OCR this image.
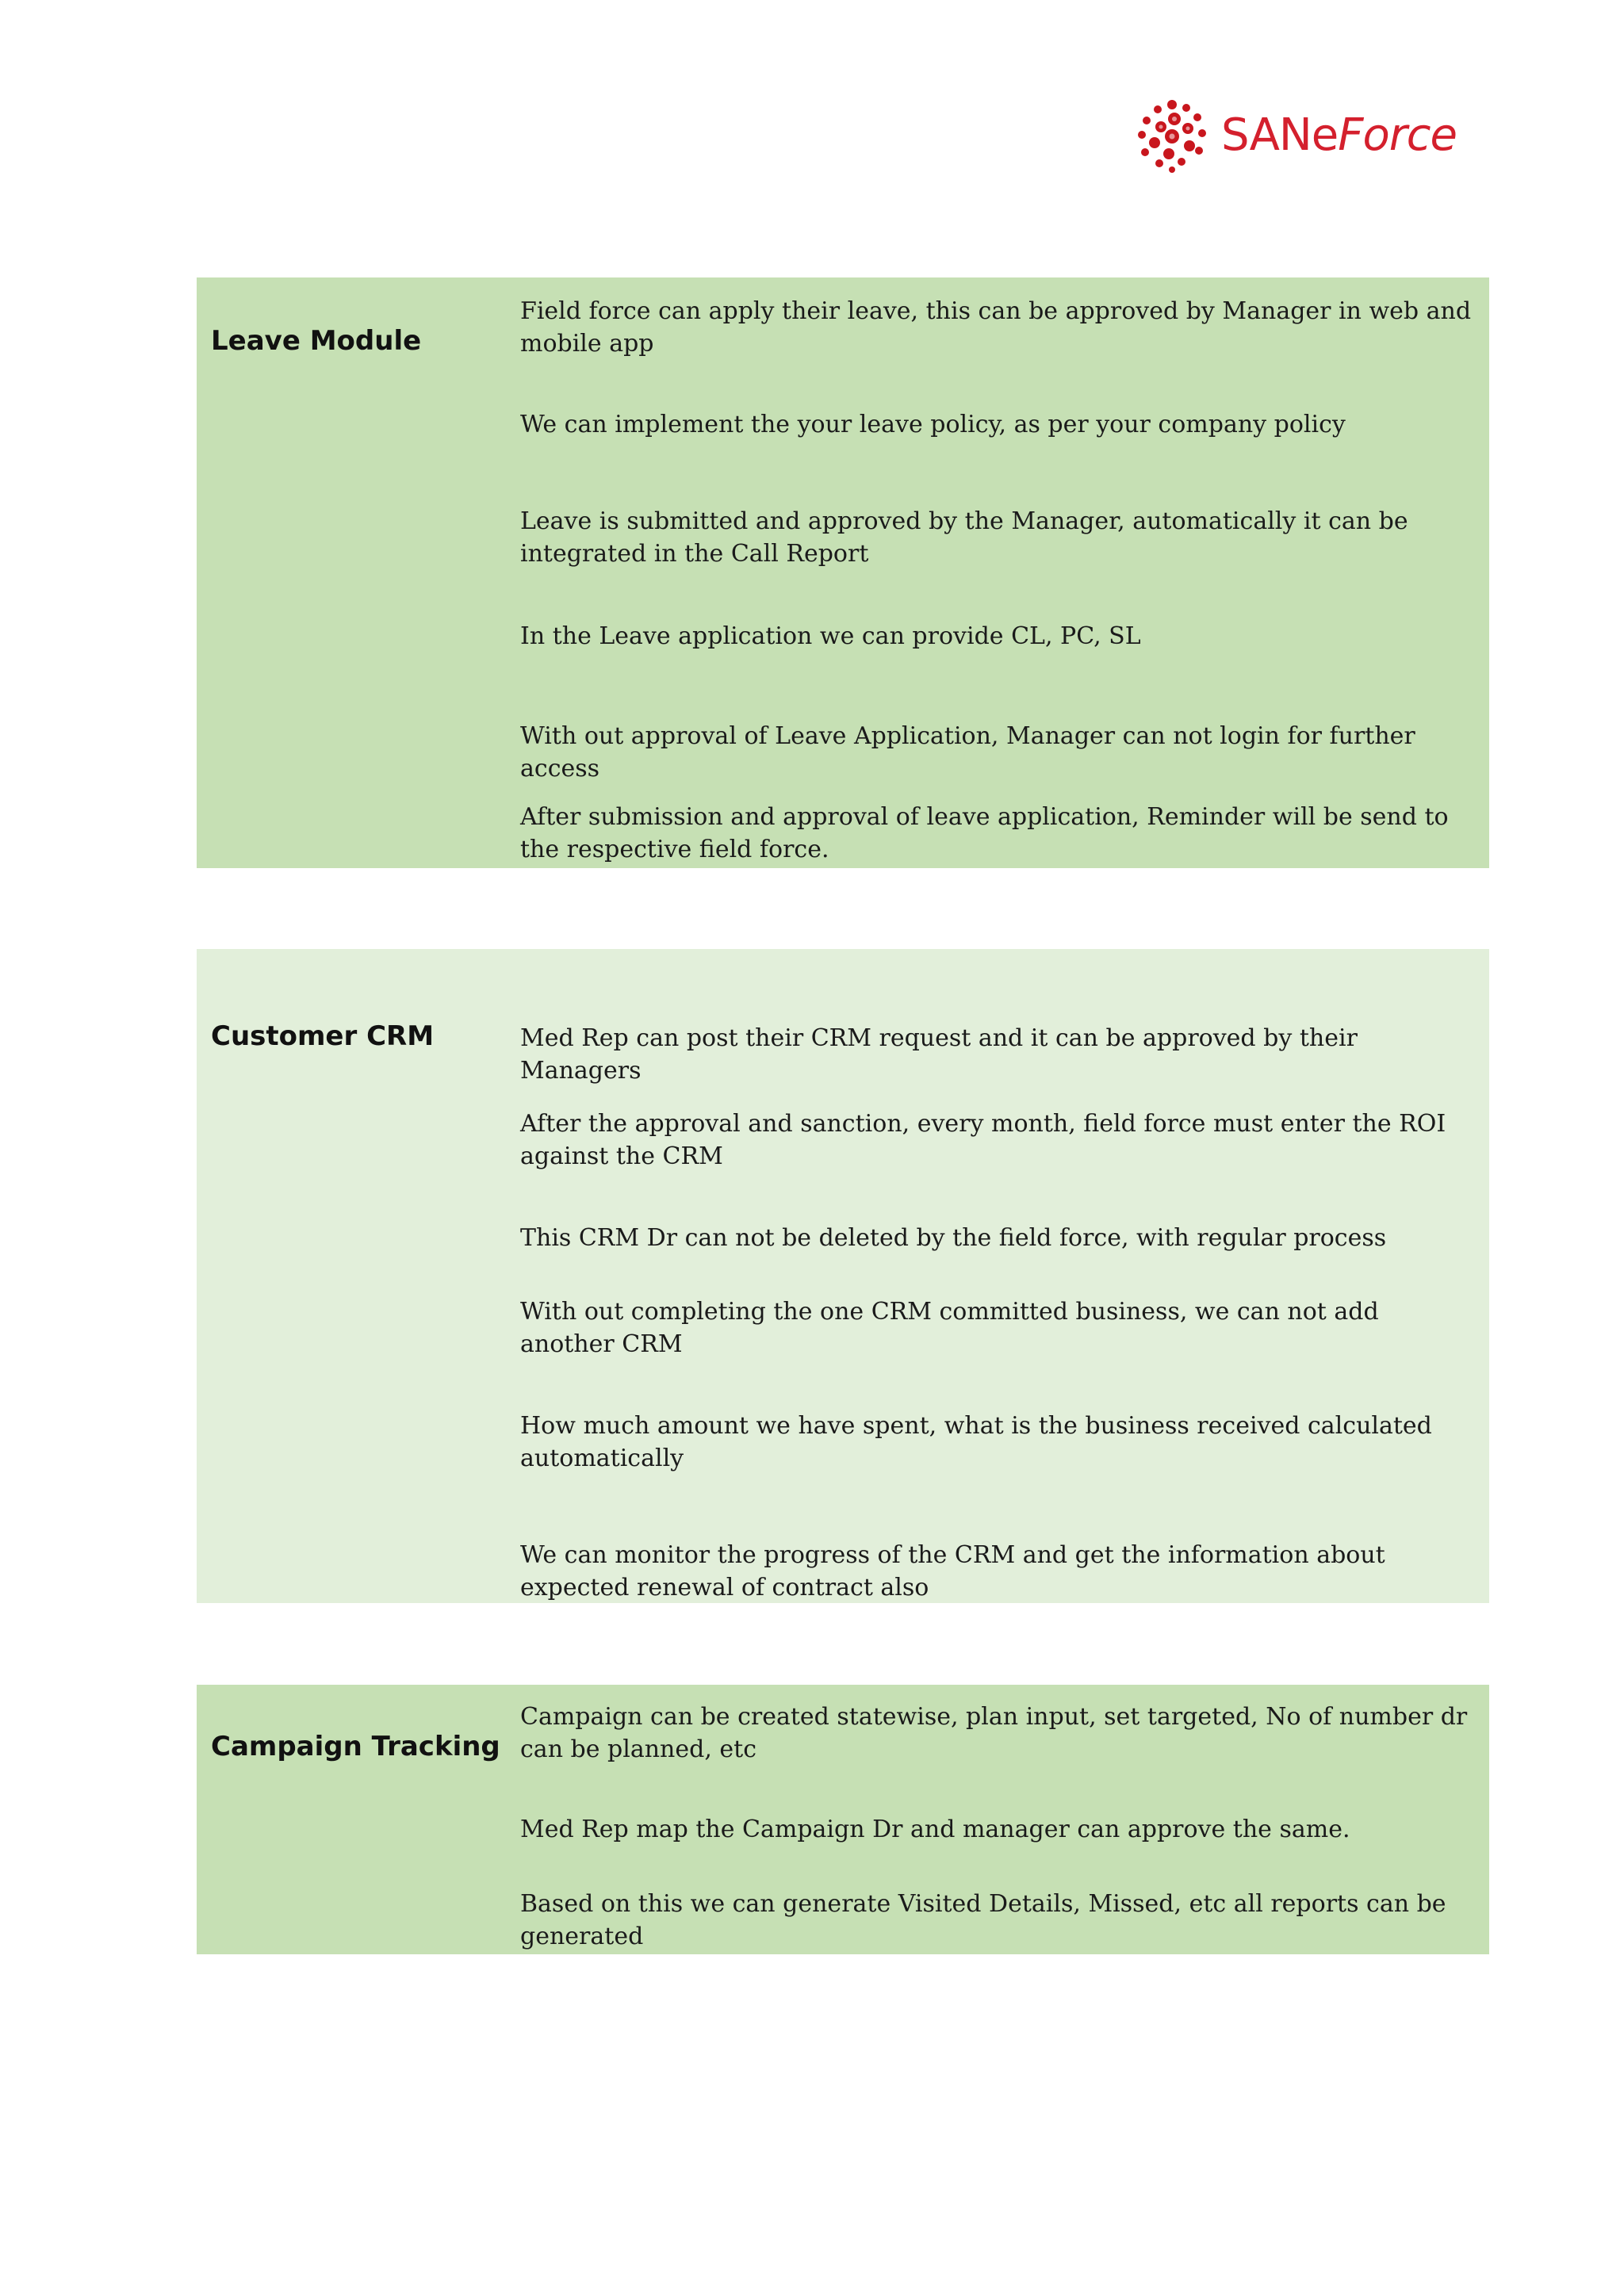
SANeForce
Leave Module
Field force can apply their leave, this can be approved by Manager in web and mobile app
We can implement the your leave policy, as per your company policy
Leave is submitted and approved by the Manager, automatically it can be integrated in the Call Report
In the Leave application we can provide CL, PC, SL
With out approval of Leave Application, Manager can not login for further access
After submission and approval of leave application, Reminder will be send to the respective field force.
Customer CRM	Med Rep can post their CRM request and it can be approved by their Managers
After the approval and sanction, every month, field force must enter the ROI against the CRM
This CRM Dr can not be deleted by the field force, with regular process
With out completing the one CRM committed business, we can not add another CRM
How much amount we have spent, what is the business received calculated automatically
We can monitor the progress of the CRM and get the information about expected renewal of contract also
Campaign Tracking
Campaign can be created statewise, plan input, set targeted, No of number dr can be planned, etc
Med Rep map the Campaign Dr and manager can approve the same.
Based on this we can generate Visited Details, Missed, etc all reports can be generated
